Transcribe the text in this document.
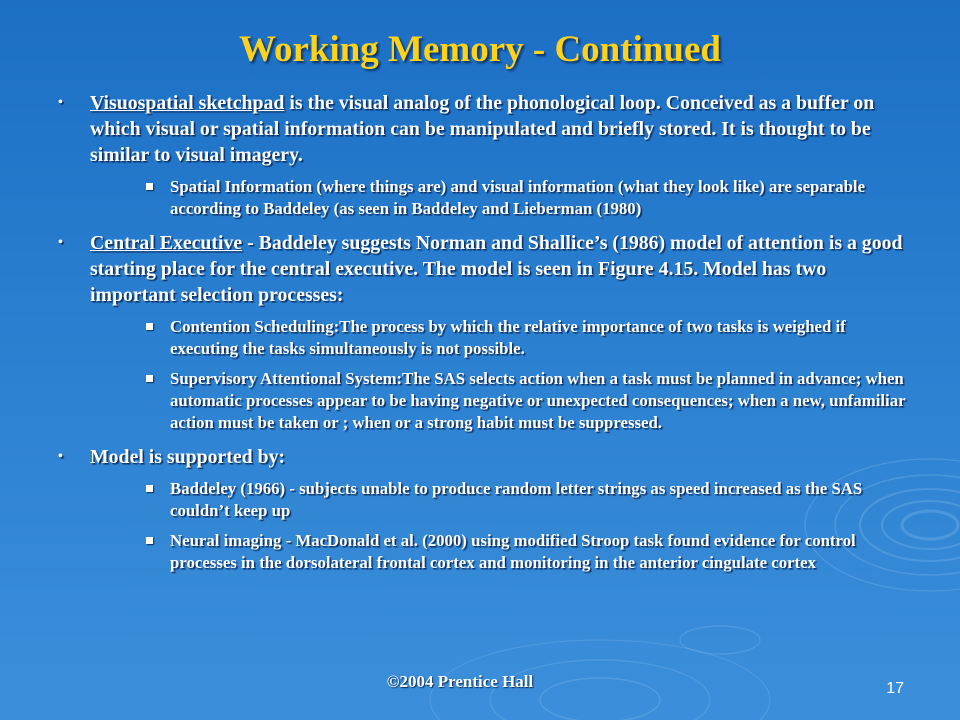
Working Memory - Continued
• Visuospatial sketchpad is the visual analog of the phonological loop. Conceived as a buffer on which visual or spatial information can be manipulated and briefly stored. It is thought to be similar to visual imagery.
Spatial Information (where things are) and visual information (what they look like) are separable according to Baddeley (as seen in Baddeley and Lieberman (1980)
• Central Executive - Baddeley suggests Norman and Shallice’s (1986) model of attention is a good starting place for the central executive. The model is seen in Figure 4.15. Model has two important selection processes:
Contention Scheduling:The process by which the relative importance of two tasks is weighed if executing the tasks simultaneously is not possible.
Supervisory Attentional System:The SAS selects action when a task must be planned in advance; when automatic processes appear to be having negative or unexpected consequences; when a new, unfamiliar action must be taken or ; when or a strong habit must be suppressed.
• Model is supported by:
Baddeley (1966) - subjects unable to produce random letter strings as speed increased as the SAS couldn’t keep up
Neural imaging - MacDonald et al. (2000) using modified Stroop task found evidence for control processes in the dorsolateral frontal cortex and monitoring in the anterior cingulate cortex
©2004 Prentice Hall	17
